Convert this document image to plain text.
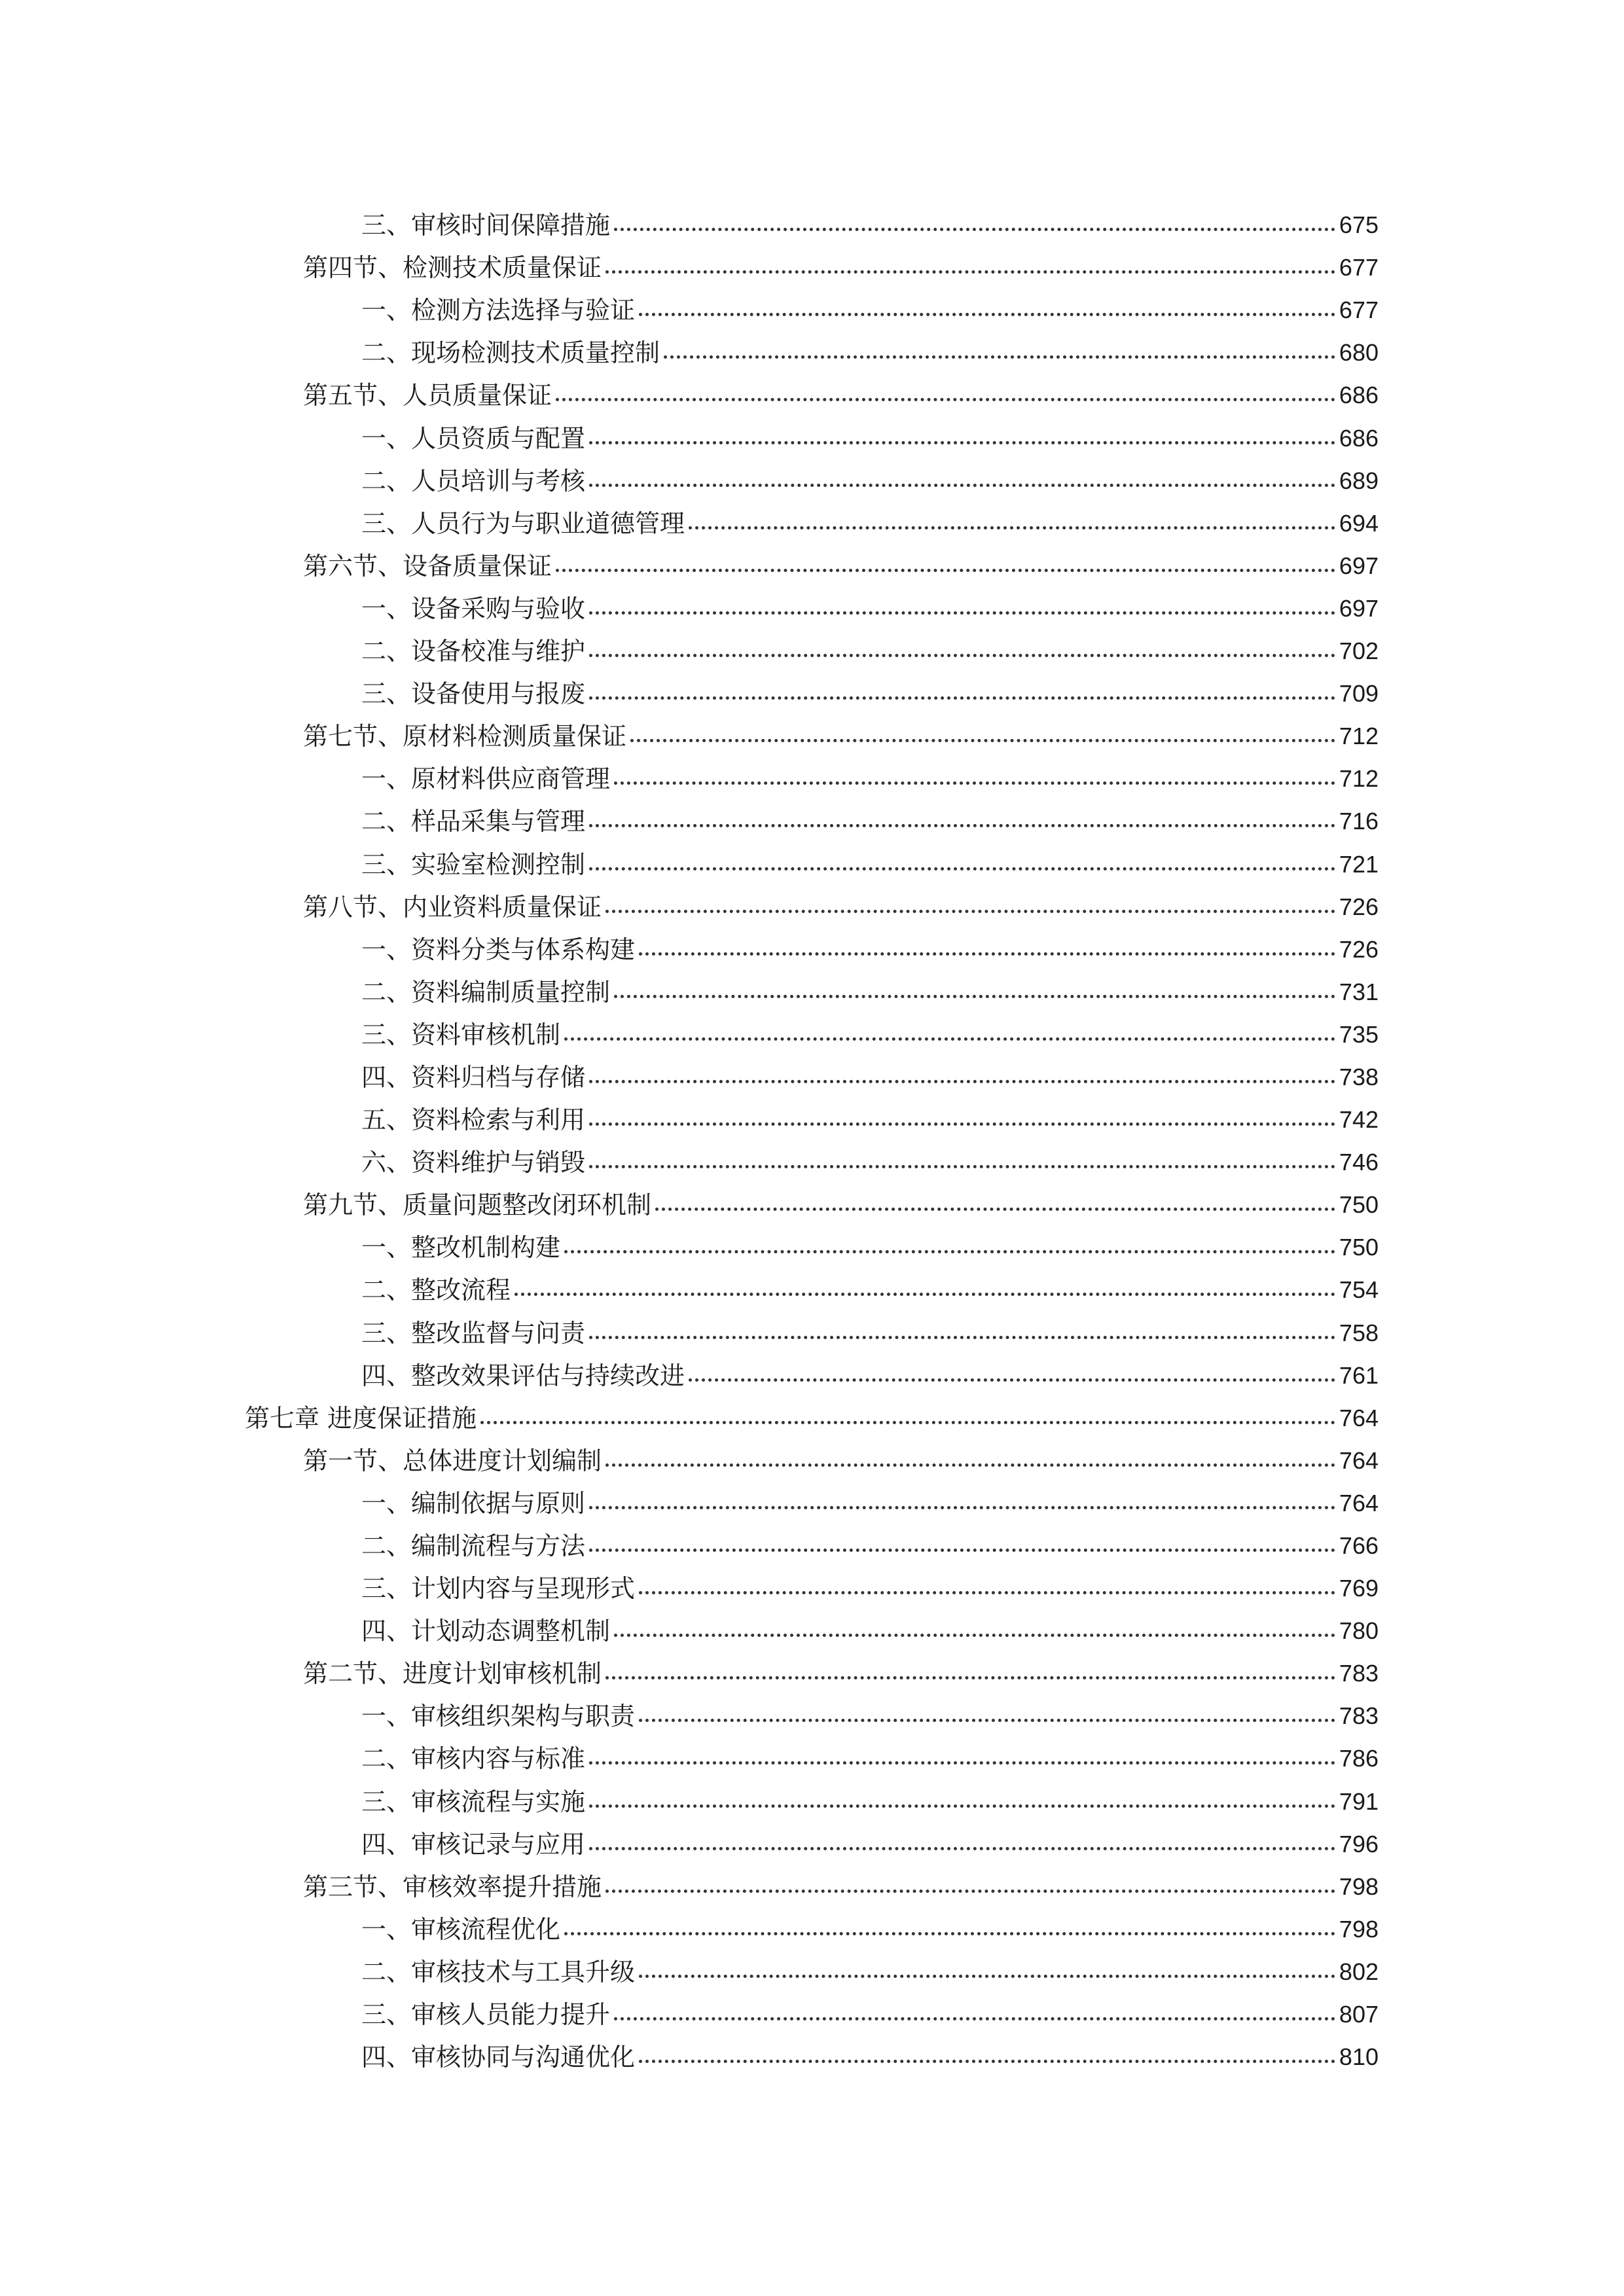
三、审核时间保障措施	675
第四节、检测技术质量保证	677
一、检测方法选择与验证	677
二、现场检测技术质量控制	680
第五节、人员质量保证	686
一、人员资质与配置	686
二、人员培训与考核	689
三、人员行为与职业道德管理	694
第六节、设备质量保证	697
一、设备采购与验收	697
二、设备校准与维护	702
三、设备使用与报废	709
第七节、原材料检测质量保证	712
一、原材料供应商管理	712
二、样品采集与管理	716
三、实验室检测控制	721
第八节、内业资料质量保证	726
一、资料分类与体系构建	726
二、资料编制质量控制	731
三、资料审核机制	735
四、资料归档与存储	738
五、资料检索与利用	742
六、资料维护与销毁	746
第九节、质量问题整改闭环机制	750
一、整改机制构建	750
二、整改流程	754
三、整改监督与问责	758
四、整改效果评估与持续改进	761
第七章 进度保证措施	764
第一节、总体进度计划编制	764
一、编制依据与原则	764
二、编制流程与方法	766
三、计划内容与呈现形式	769
四、计划动态调整机制	780
第二节、进度计划审核机制	783
一、审核组织架构与职责	783
二、审核内容与标准	786
三、审核流程与实施	791
四、审核记录与应用	796
第三节、审核效率提升措施	798
一、审核流程优化	798
二、审核技术与工具升级	802
三、审核人员能力提升	807
四、审核协同与沟通优化	810
